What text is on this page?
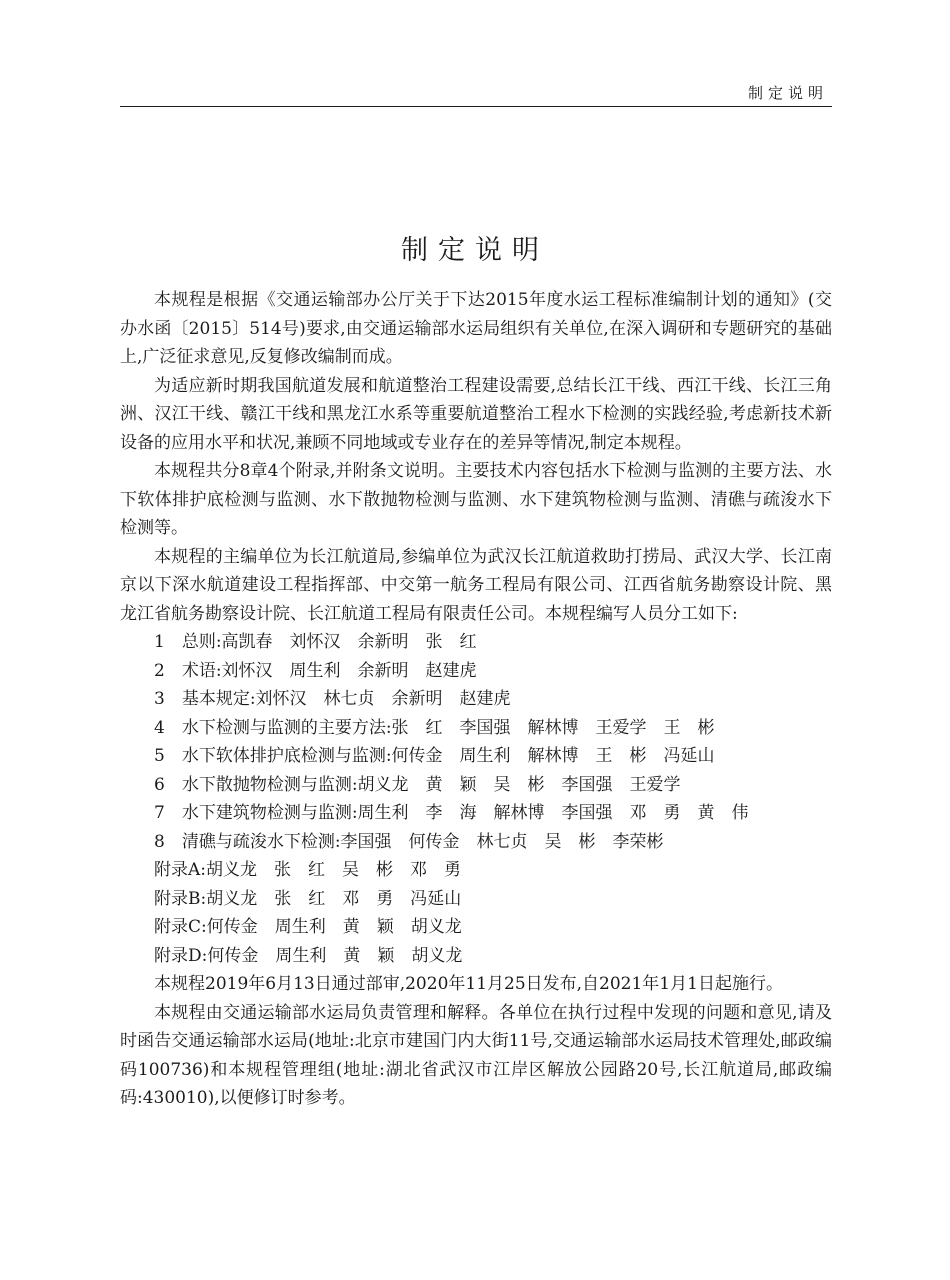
制定说明
制定说明

本规程是根据《交通运输部办公厅关于下达2015年度水运工程标准编制计划的通知》(交办水函〔2015〕514号)要求,由交通运输部水运局组织有关单位,在深入调研和专题研究的基础上,广泛征求意见,反复修改编制而成。

为适应新时期我国航道发展和航道整治工程建设需要,总结长江干线、西江干线、长江三角洲、汉江干线、赣江干线和黑龙江水系等重要航道整治工程水下检测的实践经验,考虑新技术新设备的应用水平和状况,兼顾不同地域或专业存在的差异等情况,制定本规程。

本规程共分8章4个附录,并附条文说明。主要技术内容包括水下检测与监测的主要方法、水下软体排护底检测与监测、水下散抛物检测与监测、水下建筑物检测与监测、清礁与疏浚水下检测等。

本规程的主编单位为长江航道局,参编单位为武汉长江航道救助打捞局、武汉大学、长江南京以下深水航道建设工程指挥部、中交第一航务工程局有限公司、江西省航务勘察设计院、黑龙江省航务勘察设计院、长江航道工程局有限责任公司。本规程编写人员分工如下:

1　总则:高凯春　刘怀汉　余新明　张　红
2　术语:刘怀汉　周生利　余新明　赵建虎
3　基本规定:刘怀汉　林七贞　余新明　赵建虎
4　水下检测与监测的主要方法:张　红　李国强　解林博　王爱学　王　彬
5　水下软体排护底检测与监测:何传金　周生利　解林博　王　彬　冯延山
6　水下散抛物检测与监测:胡义龙　黄　颖　吴　彬　李国强　王爱学
7　水下建筑物检测与监测:周生利　李　海　解林博　李国强　邓　勇　黄　伟
8　清礁与疏浚水下检测:李国强　何传金　林七贞　吴　彬　李荣彬
附录A:胡义龙　张　红　吴　彬　邓　勇
附录B:胡义龙　张　红　邓　勇　冯延山
附录C:何传金　周生利　黄　颖　胡义龙
附录D:何传金　周生利　黄　颖　胡义龙

本规程2019年6月13日通过部审,2020年11月25日发布,自2021年1月1日起施行。

本规程由交通运输部水运局负责管理和解释。各单位在执行过程中发现的问题和意见,请及时函告交通运输部水运局(地址:北京市建国门内大街11号,交通运输部水运局技术管理处,邮政编码100736)和本规程管理组(地址:湖北省武汉市江岸区解放公园路20号,长江航道局,邮政编码:430010),以便修订时参考。
